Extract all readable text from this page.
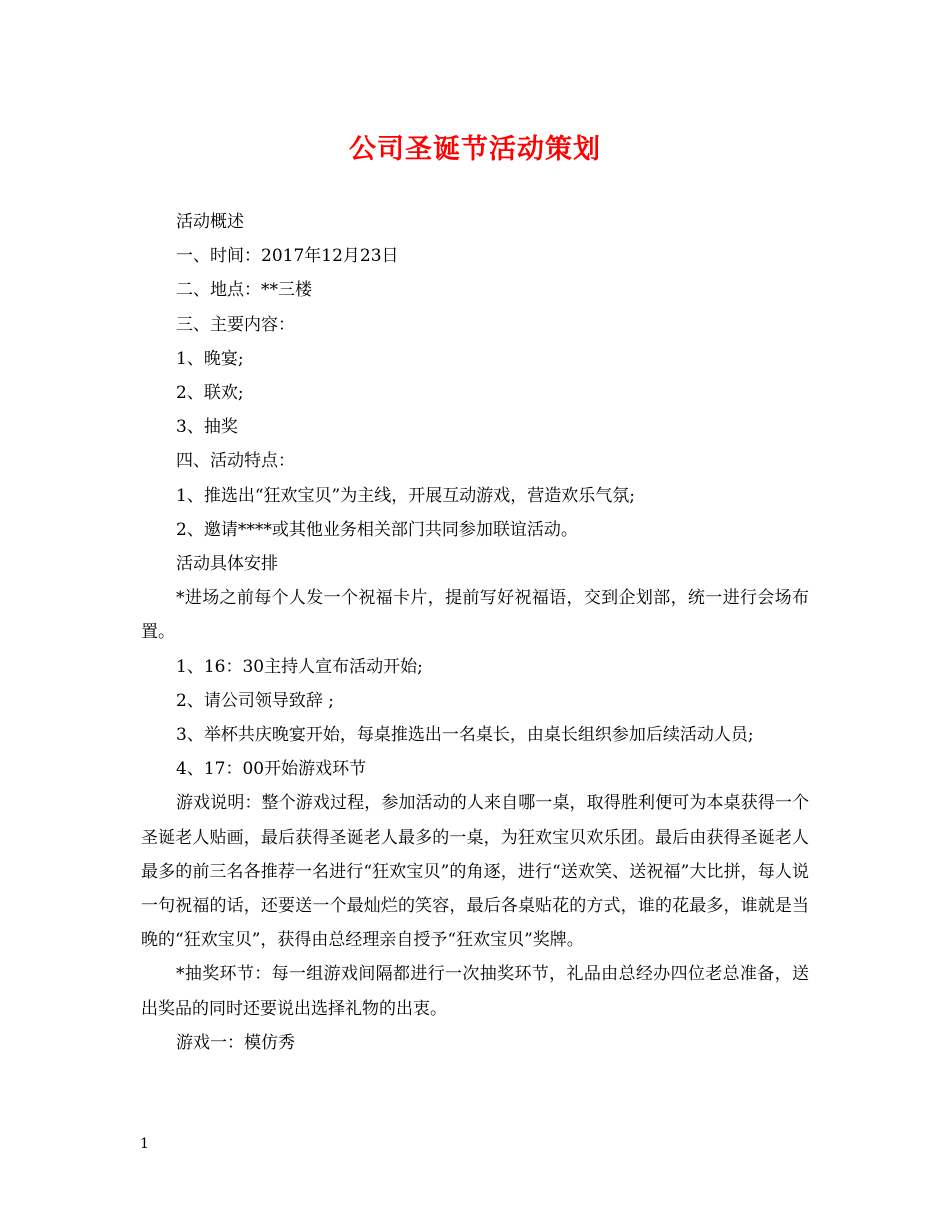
公司圣诞节活动策划

活动概述

一、时间：2017年12月23日

二、地点：**三楼

三、主要内容：

1、晚宴;

2、联欢;

3、抽奖

四、活动特点：

1、推选出“狂欢宝贝”为主线，开展互动游戏，营造欢乐气氛;

2、邀请****或其他业务相关部门共同参加联谊活动。

活动具体安排

*进场之前每个人发一个祝福卡片，提前写好祝福语，交到企划部，统一进行会场布置。

1、16：30主持人宣布活动开始;

2、请公司领导致辞 ;

3、举杯共庆晚宴开始，每桌推选出一名桌长，由桌长组织参加后续活动人员;

4、17：00开始游戏环节

游戏说明：整个游戏过程，参加活动的人来自哪一桌，取得胜利便可为本桌获得一个圣诞老人贴画，最后获得圣诞老人最多的一桌，为狂欢宝贝欢乐团。最后由获得圣诞老人最多的前三名各推荐一名进行“狂欢宝贝”的角逐，进行“送欢笑、送祝福”大比拼，每人说一句祝福的话，还要送一个最灿烂的笑容，最后各桌贴花的方式，谁的花最多，谁就是当晚的“狂欢宝贝”，获得由总经理亲自授予“狂欢宝贝”奖牌。

*抽奖环节：每一组游戏间隔都进行一次抽奖环节，礼品由总经办四位老总准备，送出奖品的同时还要说出选择礼物的出衷。

游戏一：模仿秀

1
